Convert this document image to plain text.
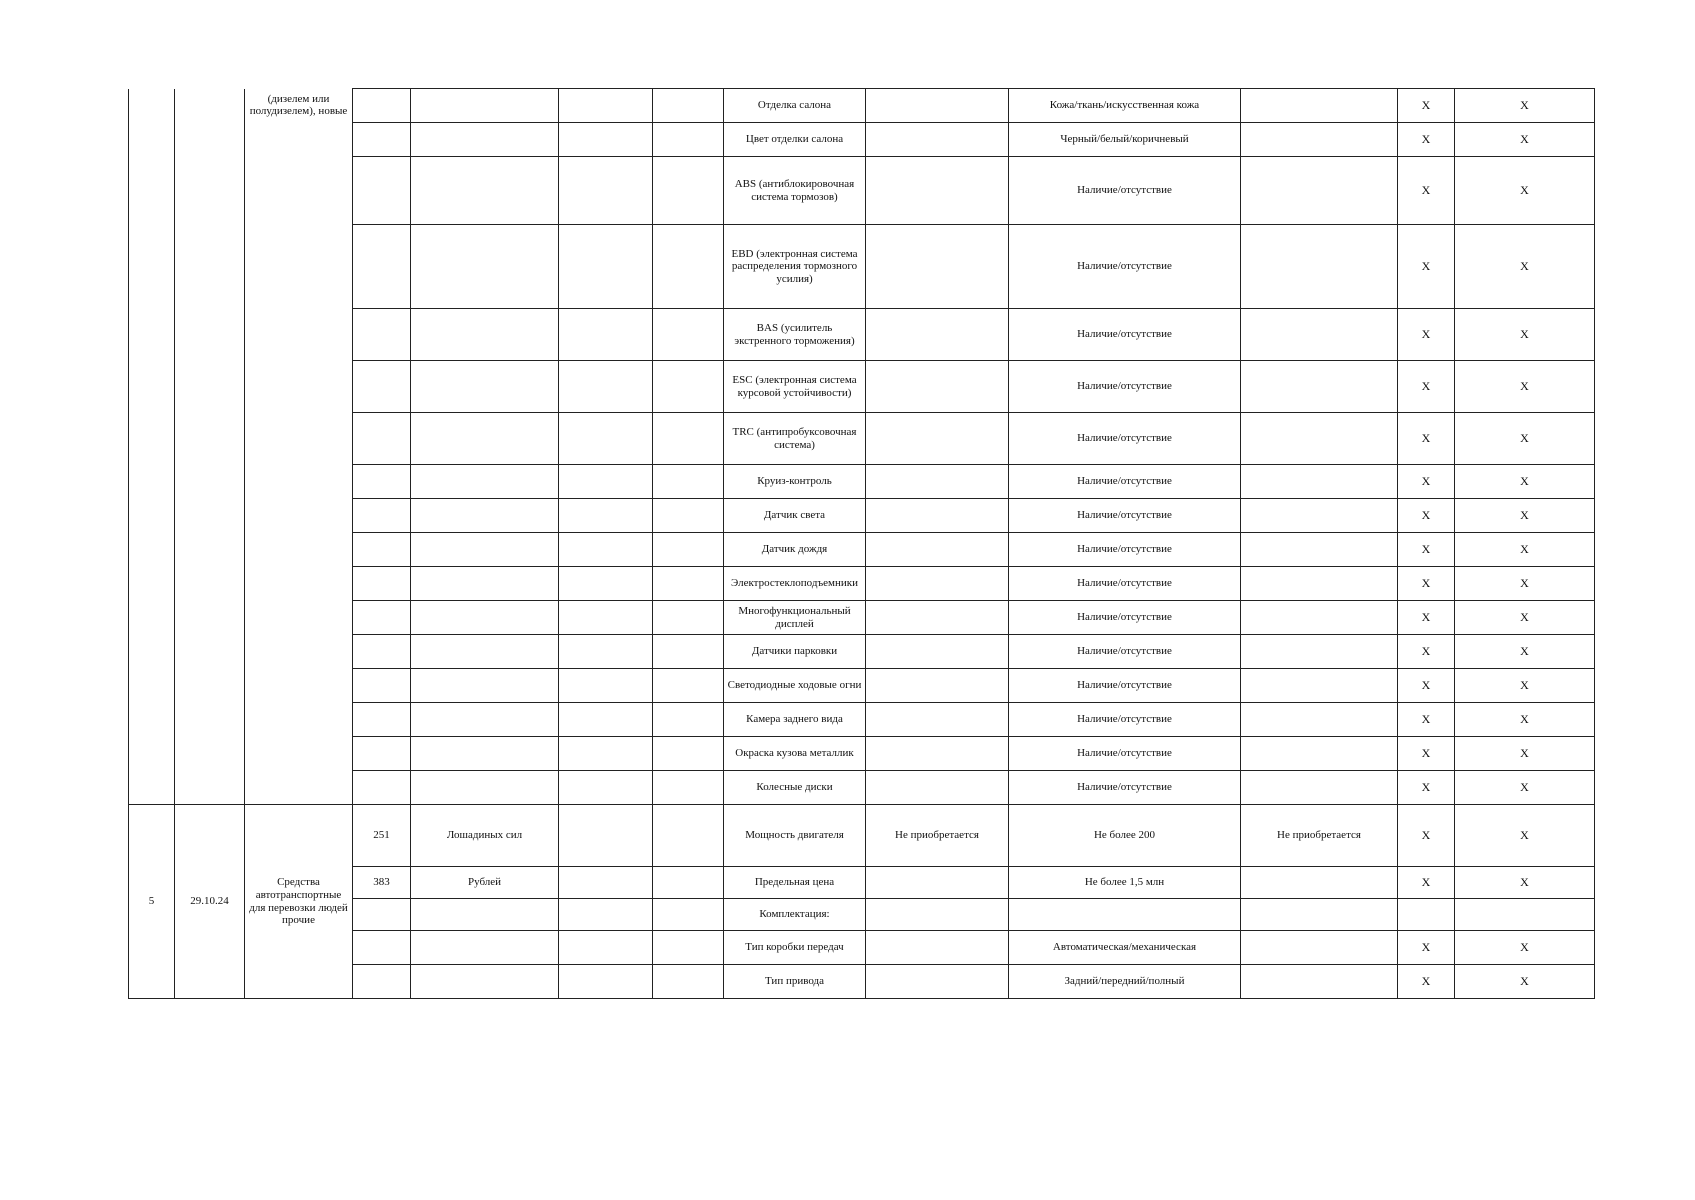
		(дизелем или полудизелем), новые					Отделка салона		Кожа/ткань/искусственная кожа		X	X
							Цвет отделки салона		Черный/белый/коричневый		X	X
							ABS (антиблокировочная система тормозов)		Наличие/отсутствие		X	X
							EBD (электронная система распределения тормозного усилия)		Наличие/отсутствие		X	X
							BAS (усилитель экстренного торможения)		Наличие/отсутствие		X	X
							ESC (электронная система курсовой устойчивости)		Наличие/отсутствие		X	X
							TRC (антипробуксовочная система)		Наличие/отсутствие		X	X
							Круиз-контроль		Наличие/отсутствие		X	X
							Датчик света		Наличие/отсутствие		X	X
							Датчик дождя		Наличие/отсутствие		X	X
							Электростеклоподъемники		Наличие/отсутствие		X	X
							Многофункциональный дисплей		Наличие/отсутствие		X	X
							Датчики парковки		Наличие/отсутствие		X	X
							Светодиодные ходовые огни		Наличие/отсутствие		X	X
							Камера заднего вида		Наличие/отсутствие		X	X
							Окраска кузова металлик		Наличие/отсутствие		X	X
							Колесные диски		Наличие/отсутствие		X	X
5	29.10.24	Средства автотранспортные для перевозки людей прочие	251	Лошадиных сил			Мощность двигателя	Не приобретается	Не более 200	Не приобретается	X	X
			383	Рублей			Предельная цена		Не более 1,5 млн		X	X
							Комплектация:					
							Тип коробки передач		Автоматическая/механическая		X	X
							Тип привода		Задний/передний/полный		X	X
